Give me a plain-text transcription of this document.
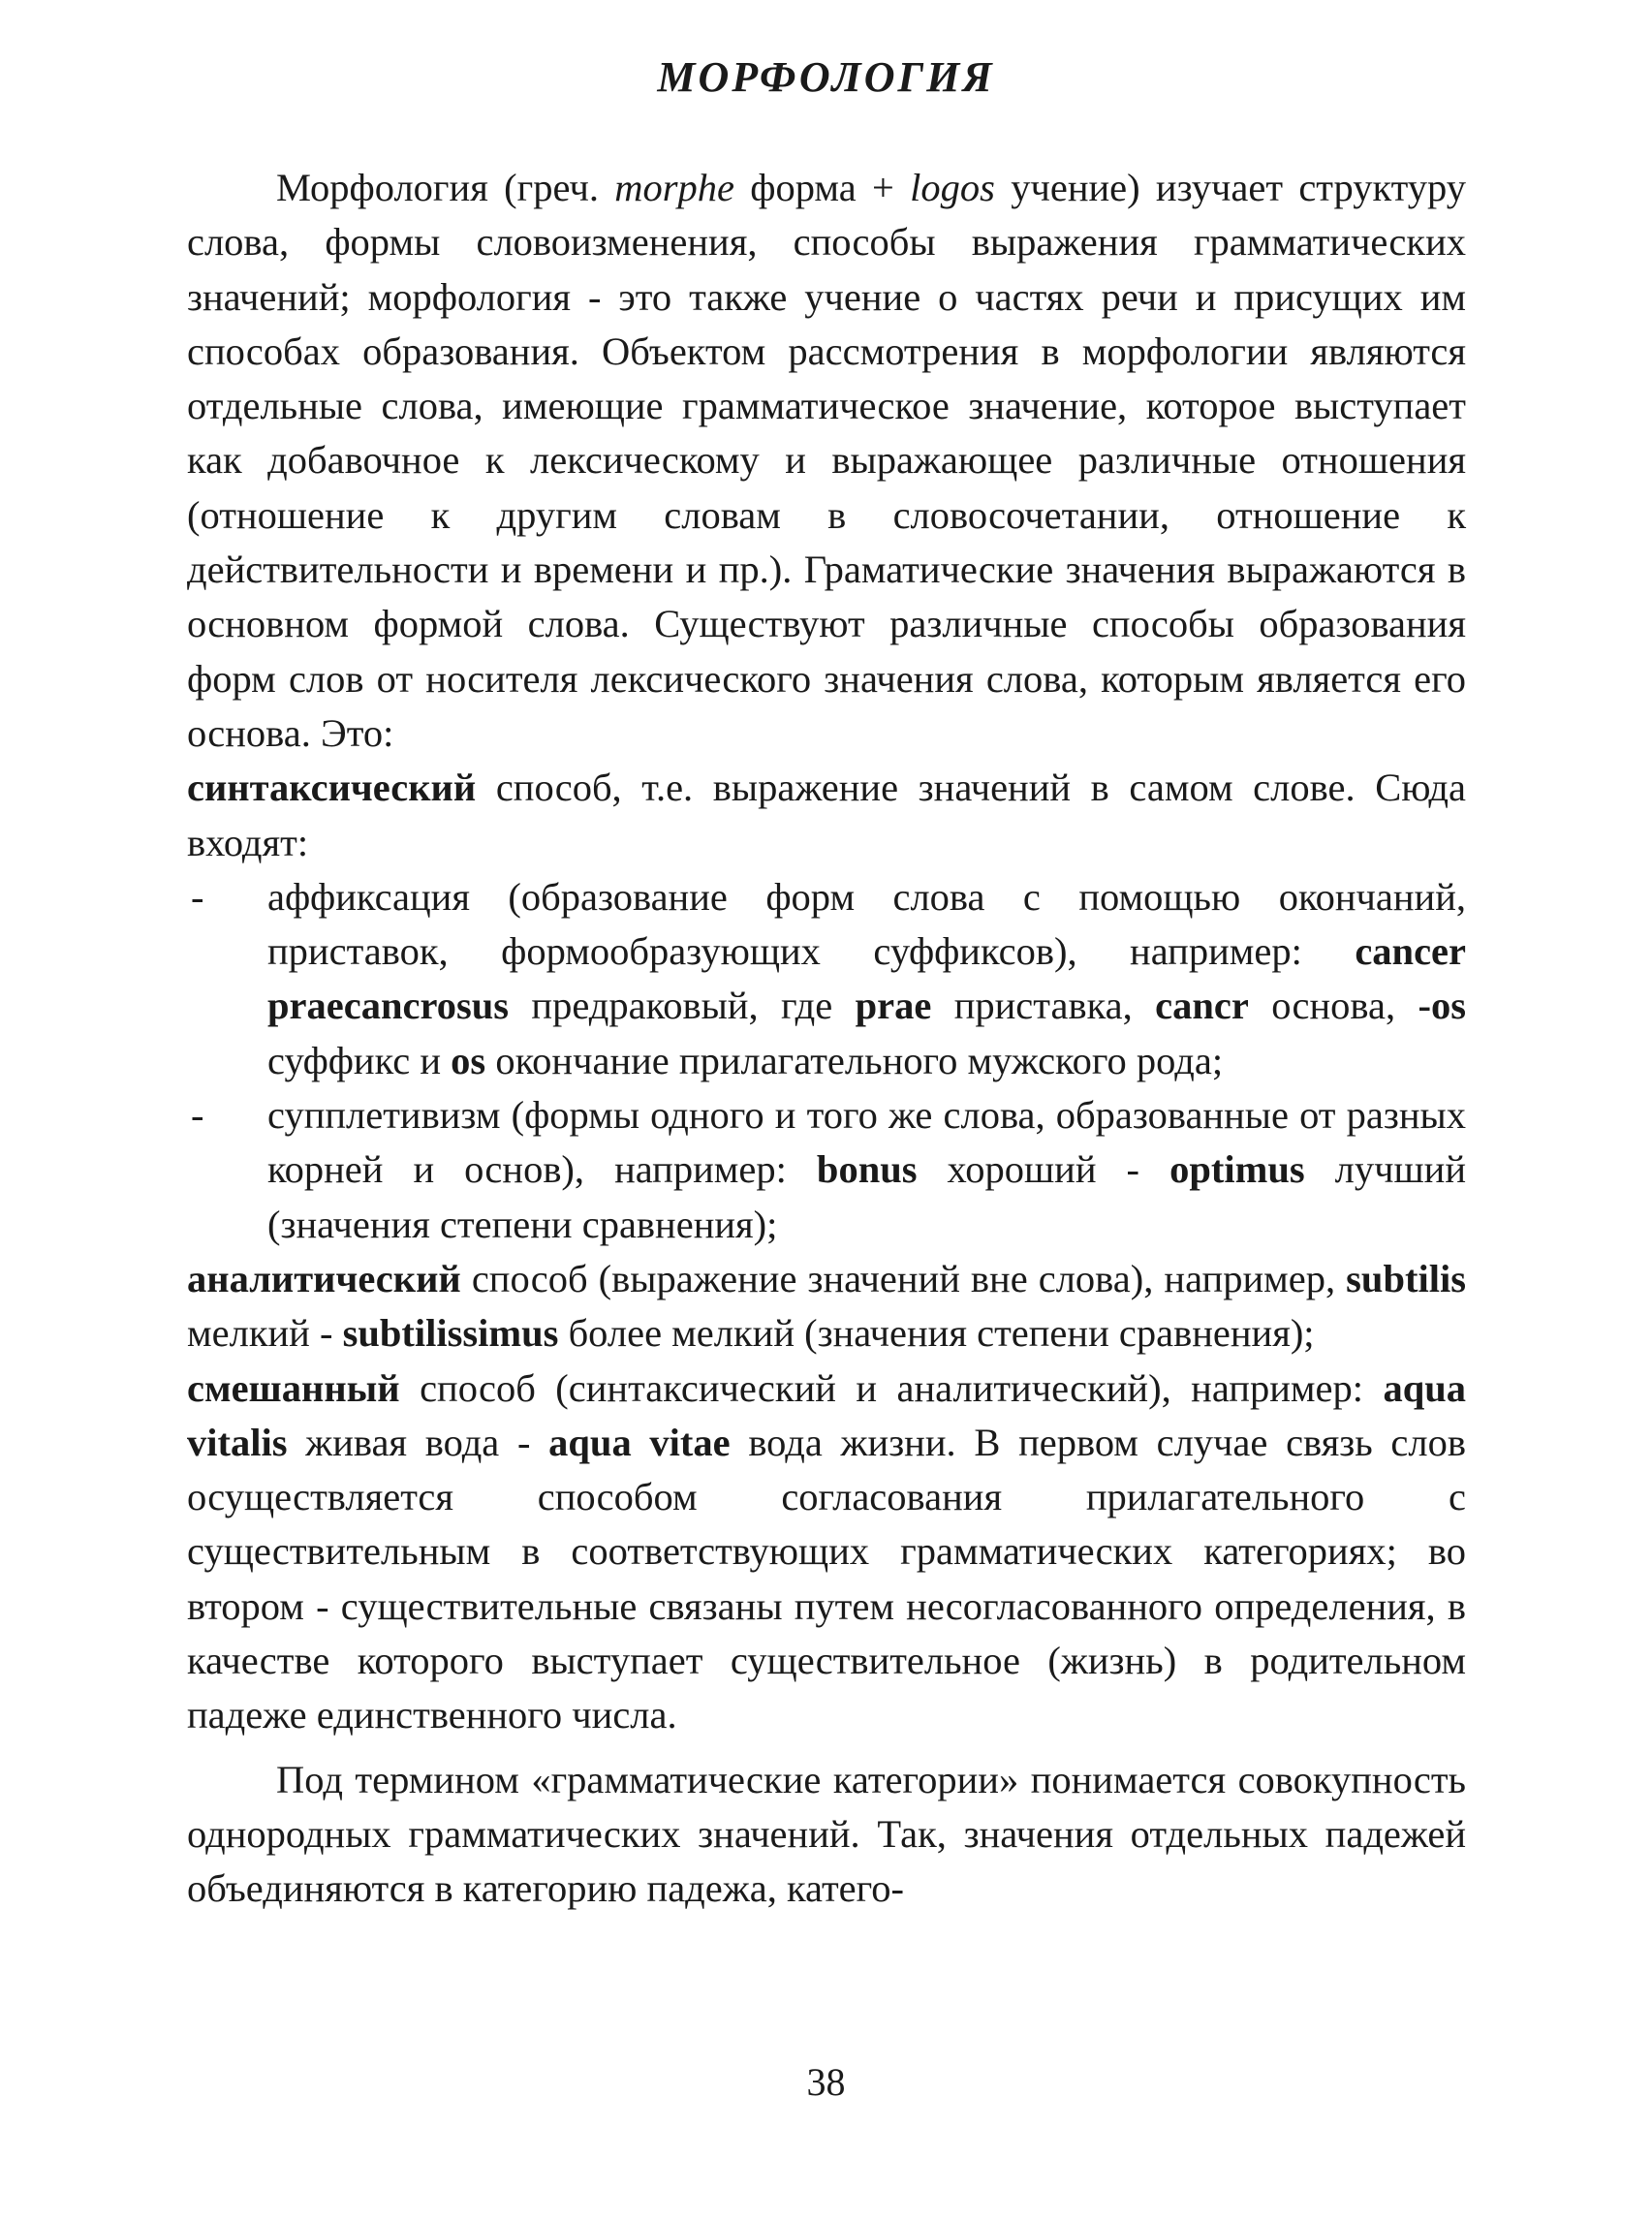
МОРФОЛОГИЯ

Морфология (греч. morphe форма + logos учение) изучает структуру слова, формы словоизменения, способы выражения грамматических значений; морфология - это также учение о частях речи и присущих им способах образования. Объектом рассмотрения в морфологии являются отдельные слова, имеющие грамматическое значение, которое выступает как добавочное к лексическому и выражающее различные отношения (отношение к другим словам в словосочетании, отношение к действительности и времени и пр.). Граматические значения выражаются в основном формой слова. Существуют различные способы образования форм слов от носителя лексического значения слова, которым является его основа. Это:

синтаксический способ, т.е. выражение значений в самом слове. Сюда входят:

- аффиксация (образование форм слова с помощью окончаний, приставок, формообразующих суффиксов), например: cancer praecancrosus предраковый, где prae приставка, cancr основа, -os суффикс и os окончание прилагательного мужского рода;

- супплетивизм (формы одного и того же слова, образованные от разных корней и основ), например: bonus хороший - optimus лучший (значения степени сравнения);

аналитический способ (выражение значений вне слова), например, subtilis мелкий - subtilissimus более мелкий (значения степени сравнения);

смешанный способ (синтаксический и аналитический), например: aqua vitalis живая вода - aqua vitae вода жизни. В первом случае связь слов осуществляется способом согласования прилагательного с существительным в соответствующих грамматических категориях; во втором - существительные связаны путем несогласованного определения, в качестве которого выступает существительное (жизнь) в родительном падеже единственного числа.

Под термином «грамматические категории» понимается совокупность однородных грамматических значений. Так, значения отдельных падежей объединяются в категорию падежа, катего-

38
